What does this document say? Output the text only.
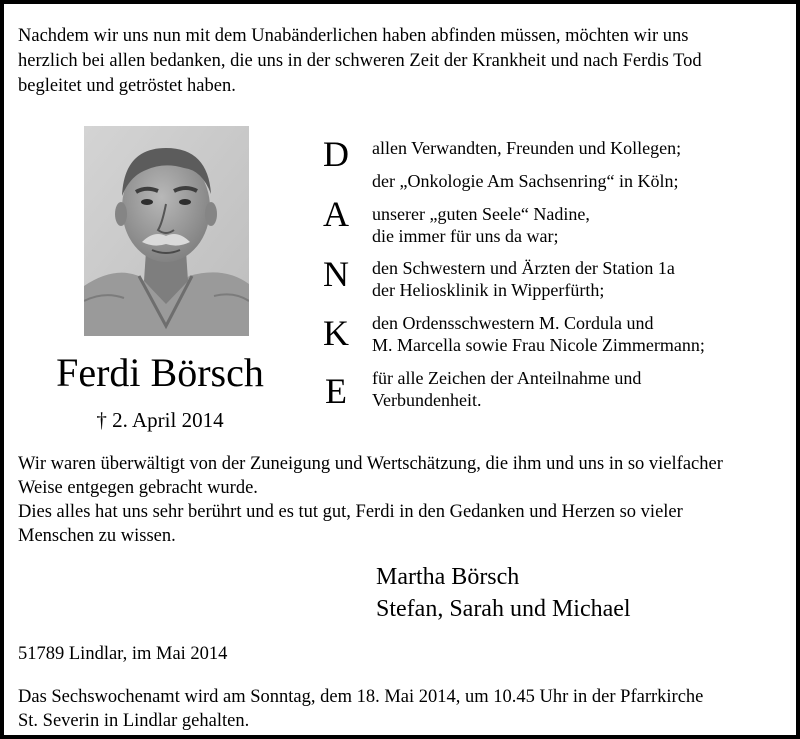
Nachdem wir uns nun mit dem Unabänderlichen haben abfinden müssen, möchten wir uns
herzlich bei allen bedanken, die uns in der schweren Zeit der Krankheit und nach Ferdis Tod
begleitet und getröstet haben.
Ferdi Börsch
† 2. April 2014
D
A
N
K
E
allen Verwandten, Freunden und Kollegen;
der „Onkologie Am Sachsenring“ in Köln;
unserer „guten Seele“ Nadine,
die immer für uns da war;
den Schwestern und Ärzten der Station 1a
der Heliosklinik in Wipperfürth;
den Ordensschwestern M. Cordula und
M. Marcella sowie Frau Nicole Zimmermann;
für alle Zeichen der Anteilnahme und
Verbundenheit.
Wir waren überwältigt von der Zuneigung und Wertschätzung, die ihm und uns in so vielfacher
Weise entgegen gebracht wurde.
Dies alles hat uns sehr berührt und es tut gut, Ferdi in den Gedanken und Herzen so vieler
Menschen zu wissen.
Martha Börsch
Stefan, Sarah und Michael
51789 Lindlar, im Mai 2014
Das Sechswochenamt wird am Sonntag, dem 18. Mai 2014, um 10.45 Uhr in der Pfarrkirche
St. Severin in Lindlar gehalten.
